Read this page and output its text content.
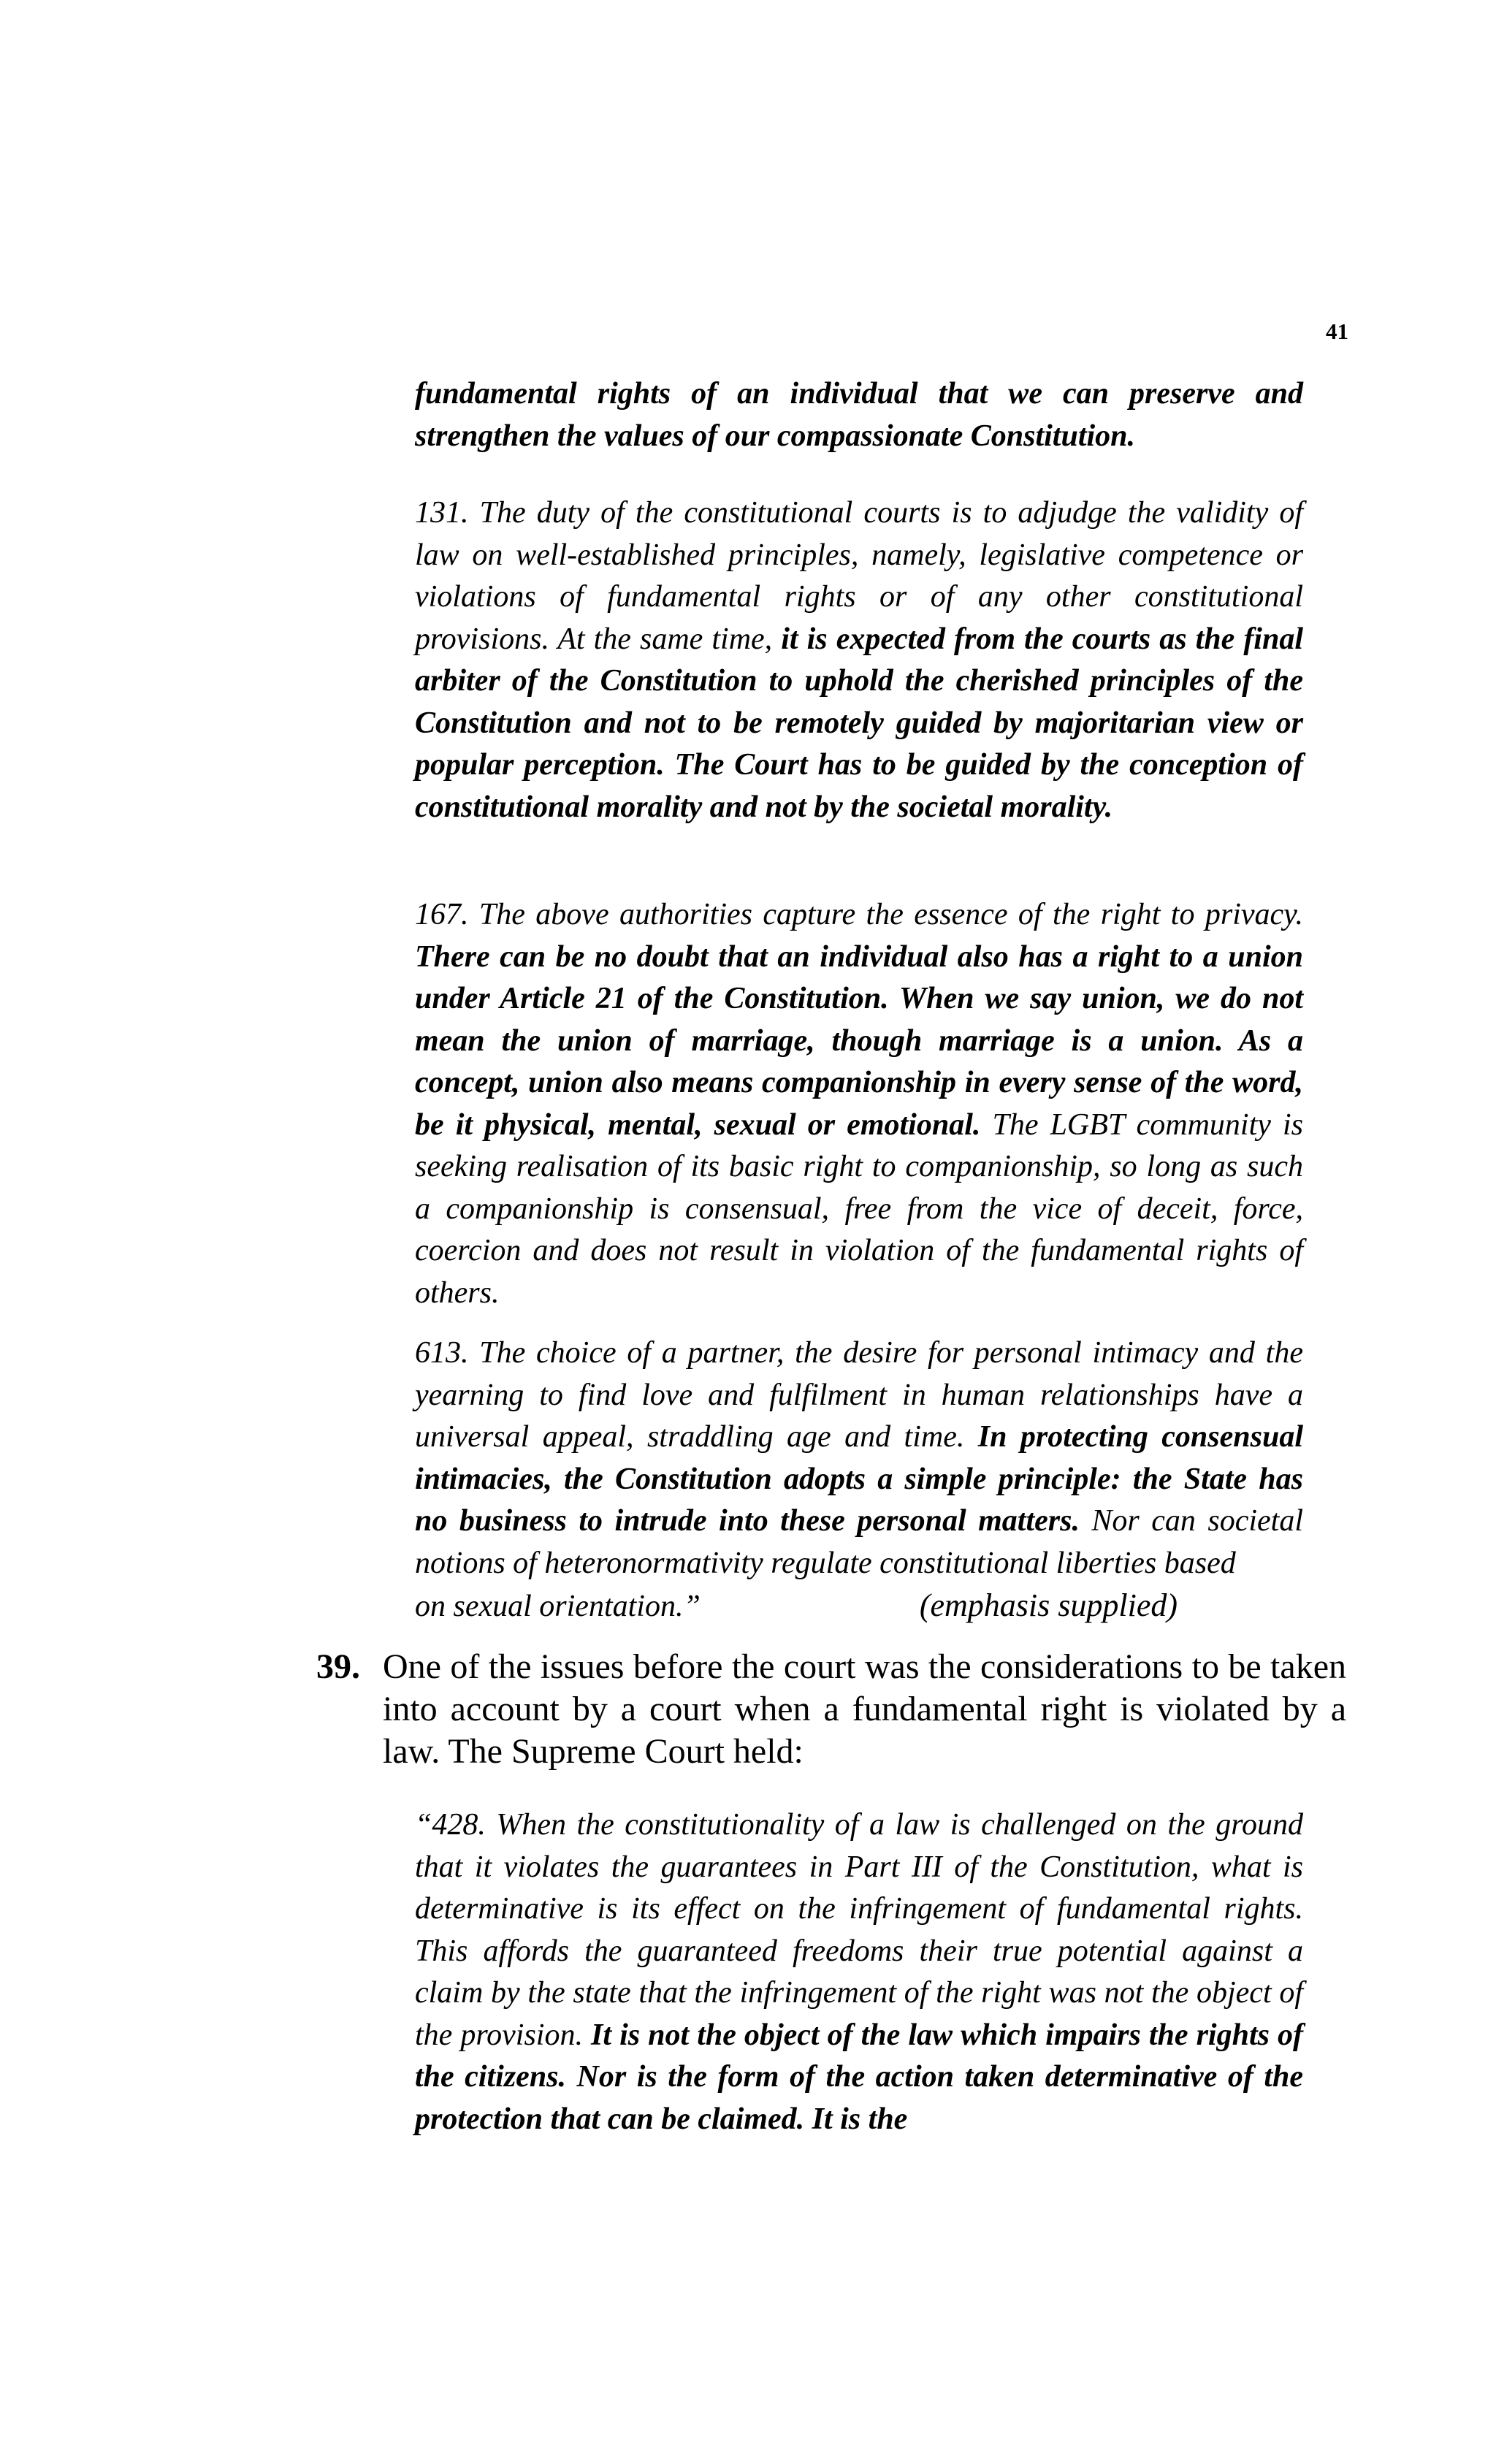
41
fundamental rights of an individual that we can preserve and strengthen the values of our compassionate Constitution.
131. The duty of the constitutional courts is to adjudge the validity of law on well-established principles, namely, legislative competence or violations of fundamental rights or of any other constitutional provisions. At the same time, it is expected from the courts as the final arbiter of the Constitution to uphold the cherished principles of the Constitution and not to be remotely guided by majoritarian view or popular perception. The Court has to be guided by the conception of constitutional morality and not by the societal morality.
167. The above authorities capture the essence of the right to privacy. There can be no doubt that an individual also has a right to a union under Article 21 of the Constitution. When we say union, we do not mean the union of marriage, though marriage is a union. As a concept, union also means companionship in every sense of the word, be it physical, mental, sexual or emotional. The LGBT community is seeking realisation of its basic right to companionship, so long as such a companionship is consensual, free from the vice of deceit, force, coercion and does not result in violation of the fundamental rights of others.
613. The choice of a partner, the desire for personal intimacy and the yearning to find love and fulfilment in human relationships have a universal appeal, straddling age and time. In protecting consensual intimacies, the Constitution adopts a simple principle: the State has no business to intrude into these personal matters. Nor can societal notions of heteronormativity regulate constitutional liberties based
on sexual orientation.”	(emphasis supplied)
39. One of the issues before the court was the considerations to be taken into account by a court when a fundamental right is violated by a law. The Supreme Court held:
“428. When the constitutionality of a law is challenged on the ground that it violates the guarantees in Part III of the Constitution, what is determinative is its effect on the infringement of fundamental rights. This affords the guaranteed freedoms their true potential against a claim by the state that the infringement of the right was not the object of the provision. It is not the object of the law which impairs the rights of the citizens. Nor is the form of the action taken determinative of the protection that can be claimed. It is the
